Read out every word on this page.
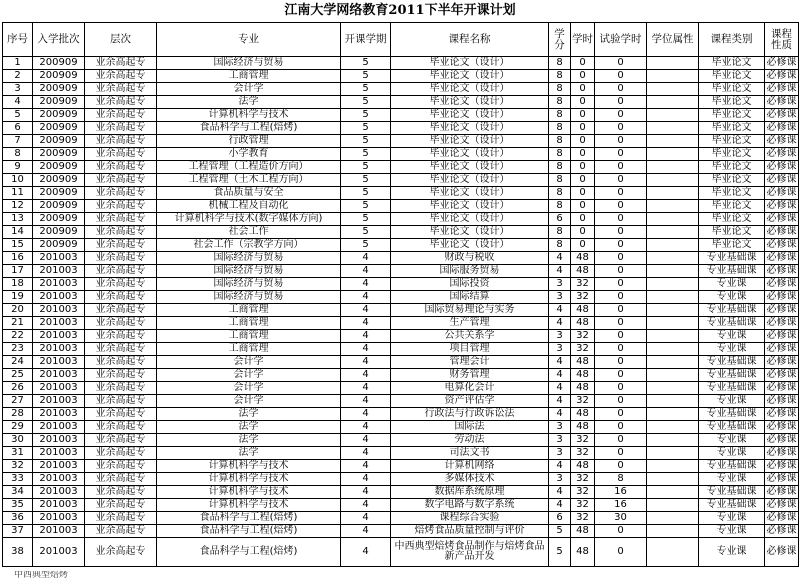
江南大学网络教育2011下半年开课计划
序号	入学批次	层次	专业	开课学期	课程名称	学分	学时	试验学时	学位属性	课程类别	课程性质
1	200909	业余高起专	国际经济与贸易	5	毕业论文（设计）	8	0	0		毕业论文	必修课
2	200909	业余高起专	工商管理	5	毕业论文（设计）	8	0	0		毕业论文	必修课
3	200909	业余高起专	会计学	5	毕业论文（设计）	8	0	0		毕业论文	必修课
4	200909	业余高起专	法学	5	毕业论文（设计）	8	0	0		毕业论文	必修课
5	200909	业余高起专	计算机科学与技术	5	毕业论文（设计）	8	0	0		毕业论文	必修课
6	200909	业余高起专	食品科学与工程(焙烤)	5	毕业论文（设计）	8	0	0		毕业论文	必修课
7	200909	业余高起专	行政管理	5	毕业论文（设计）	8	0	0		毕业论文	必修课
8	200909	业余高起专	小学教育	5	毕业论文（设计）	8	0	0		毕业论文	必修课
9	200909	业余高起专	工程管理（工程造价方向）	5	毕业论文（设计）	8	0	0		毕业论文	必修课
10	200909	业余高起专	工程管理（土木工程方向）	5	毕业论文（设计）	8	0	0		毕业论文	必修课
11	200909	业余高起专	食品质量与安全	5	毕业论文（设计）	8	0	0		毕业论文	必修课
12	200909	业余高起专	机械工程及自动化	5	毕业论文（设计）	8	0	0		毕业论文	必修课
13	200909	业余高起专	计算机科学与技术(数字媒体方向)	5	毕业论文（设计）	6	0	0		毕业论文	必修课
14	200909	业余高起专	社会工作	5	毕业论文（设计）	8	0	0		毕业论文	必修课
15	200909	业余高起专	社会工作（宗教学方向）	5	毕业论文（设计）	8	0	0		毕业论文	必修课
16	201003	业余高起专	国际经济与贸易	4	财政与税收	4	48	0		专业基础课	必修课
17	201003	业余高起专	国际经济与贸易	4	国际服务贸易	4	48	0		专业基础课	必修课
18	201003	业余高起专	国际经济与贸易	4	国际投资	3	32	0		专业课	必修课
19	201003	业余高起专	国际经济与贸易	4	国际结算	3	32	0		专业课	必修课
20	201003	业余高起专	工商管理	4	国际贸易理论与实务	4	48	0		专业基础课	必修课
21	201003	业余高起专	工商管理	4	生产管理	4	48	0		专业基础课	必修课
22	201003	业余高起专	工商管理	4	公共关系学	3	32	0		专业课	必修课
23	201003	业余高起专	工商管理	4	项目管理	3	32	0		专业课	必修课
24	201003	业余高起专	会计学	4	管理会计	4	48	0		专业基础课	必修课
25	201003	业余高起专	会计学	4	财务管理	4	48	0		专业基础课	必修课
26	201003	业余高起专	会计学	4	电算化会计	4	48	0		专业基础课	必修课
27	201003	业余高起专	会计学	4	资产评估学	4	32	0		专业课	必修课
28	201003	业余高起专	法学	4	行政法与行政诉讼法	4	48	0		专业基础课	必修课
29	201003	业余高起专	法学	4	国际法	3	48	0		专业基础课	必修课
30	201003	业余高起专	法学	4	劳动法	3	32	0		专业课	必修课
31	201003	业余高起专	法学	4	司法文书	3	32	0		专业课	必修课
32	201003	业余高起专	计算机科学与技术	4	计算机网络	4	48	0		专业基础课	必修课
33	201003	业余高起专	计算机科学与技术	4	多媒体技术	3	32	8		专业课	必修课
34	201003	业余高起专	计算机科学与技术	4	数据库系统原理	4	32	16		专业基础课	必修课
35	201003	业余高起专	计算机科学与技术	4	数字电路与数字系统	4	32	16		专业基础课	必修课
36	201003	业余高起专	食品科学与工程(焙烤)	4	课程综合实验	6	32	30		专业课	必修课
37	201003	业余高起专	食品科学与工程(焙烤)	4	焙烤食品质量控制与评价	5	48	0		专业课	必修课
38	201003	业余高起专	食品科学与工程(焙烤)	4	中西典型焙烤食品制作与焙烤食品新产品开发	5	48	0		专业课	必修课
中西典型焙烤
